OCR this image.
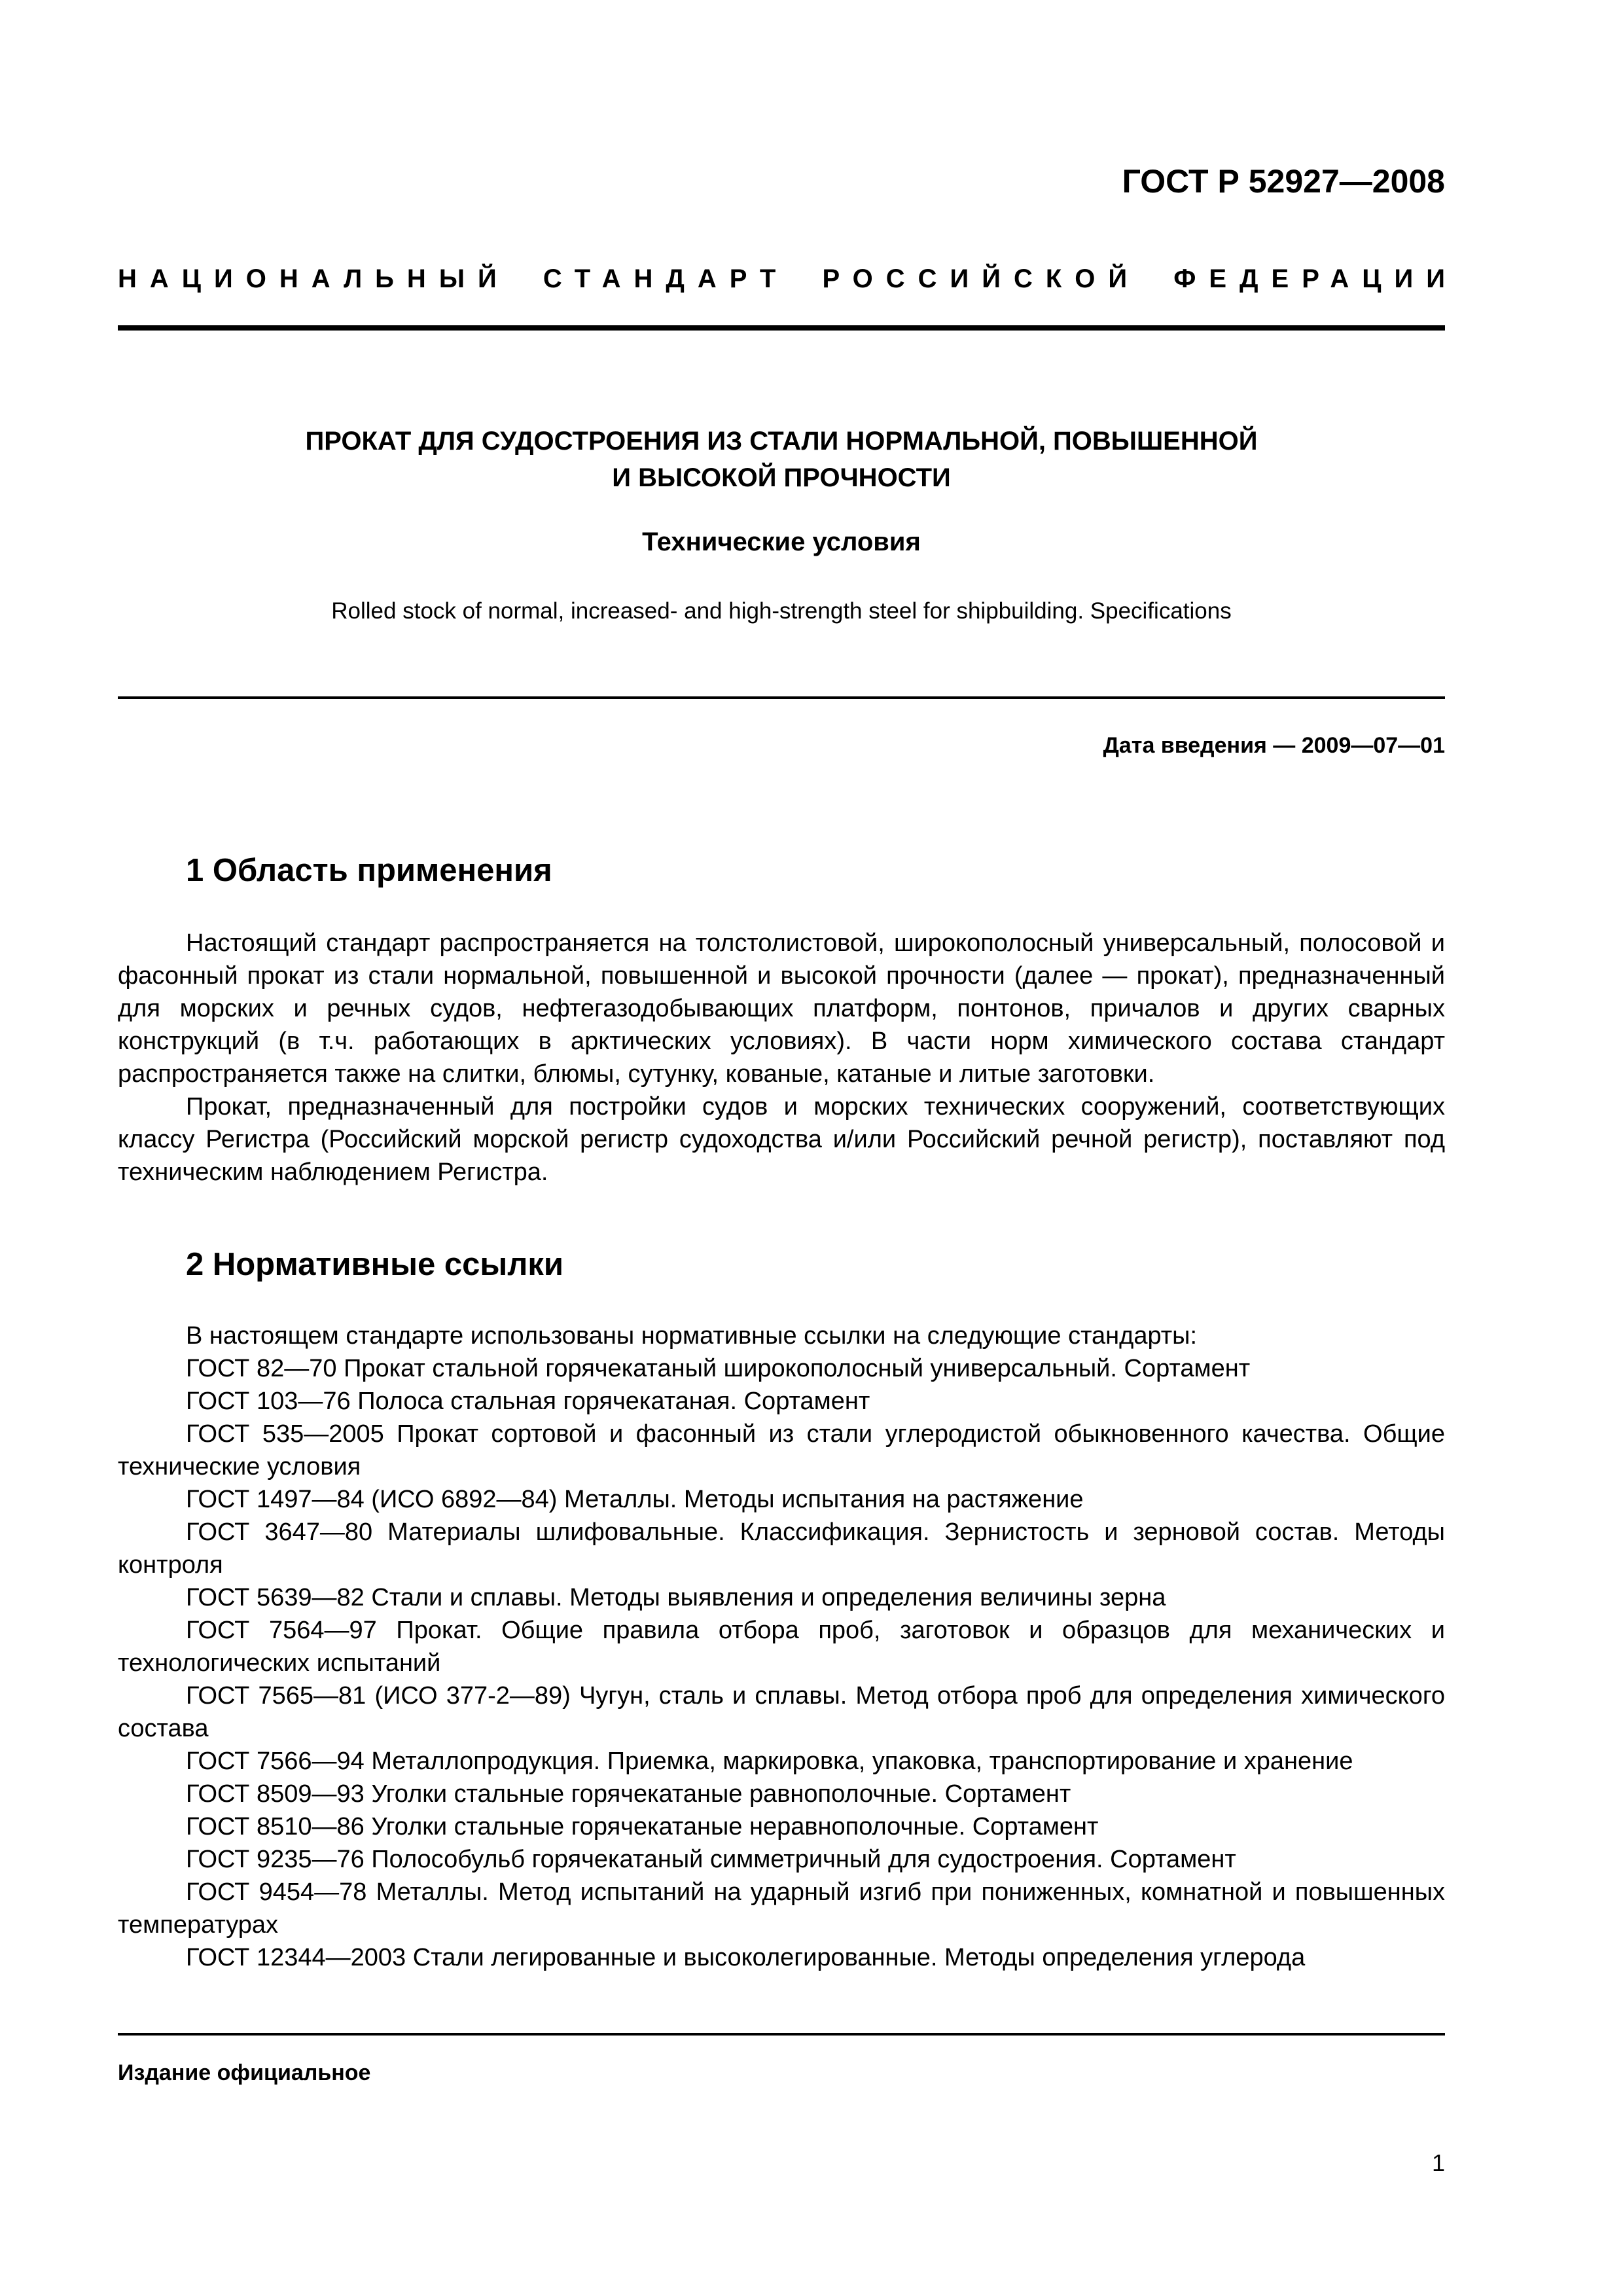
ГОСТ Р 52927—2008
НАЦИОНАЛЬНЫЙ СТАНДАРТ РОССИЙСКОЙ ФЕДЕРАЦИИ
ПРОКАТ ДЛЯ СУДОСТРОЕНИЯ ИЗ СТАЛИ НОРМАЛЬНОЙ, ПОВЫШЕННОЙ
И ВЫСОКОЙ ПРОЧНОСТИ
Технические условия
Rolled stock of normal, increased- and high-strength steel for shipbuilding. Specifications
Дата введения — 2009—07—01
1 Область применения

Настоящий стандарт распространяется на толстолистовой, широкополосный универсальный, полосовой и фасонный прокат из стали нормальной, повышенной и высокой прочности (далее — прокат), предназначенный для морских и речных судов, нефтегазодобывающих платформ, понтонов, причалов и других сварных конструкций (в т.ч. работающих в арктических условиях). В части норм химического состава стандарт распространяется также на слитки, блюмы, сутунку, кованые, катаные и литые заготовки.

Прокат, предназначенный для постройки судов и морских технических сооружений, соответствующих классу Регистра (Российский морской регистр судоходства и/или Российский речной регистр), поставляют под техническим наблюдением Регистра.

2 Нормативные ссылки

В настоящем стандарте использованы нормативные ссылки на следующие стандарты:

ГОСТ 82—70 Прокат стальной горячекатаный широкополосный универсальный. Сортамент

ГОСТ 103—76 Полоса стальная горячекатаная. Сортамент

ГОСТ 535—2005 Прокат сортовой и фасонный из стали углеродистой обыкновенного качества. Общие технические условия

ГОСТ 1497—84 (ИСО 6892—84) Металлы. Методы испытания на растяжение

ГОСТ 3647—80 Материалы шлифовальные. Классификация. Зернистость и зерновой состав. Методы контроля

ГОСТ 5639—82 Стали и сплавы. Методы выявления и определения величины зерна

ГОСТ 7564—97 Прокат. Общие правила отбора проб, заготовок и образцов для механических и технологических испытаний

ГОСТ 7565—81 (ИСО 377-2—89) Чугун, сталь и сплавы. Метод отбора проб для определения химического состава

ГОСТ 7566—94 Металлопродукция. Приемка, маркировка, упаковка, транспортирование и хранение

ГОСТ 8509—93 Уголки стальные горячекатаные равнополочные. Сортамент

ГОСТ 8510—86 Уголки стальные горячекатаные неравнополочные. Сортамент

ГОСТ 9235—76 Полособульб горячекатаный симметричный для судостроения. Сортамент

ГОСТ 9454—78 Металлы. Метод испытаний на ударный изгиб при пониженных, комнатной и повышенных температурах

ГОСТ 12344—2003 Стали легированные и высоколегированные. Методы определения углерода

Издание официальное
1
